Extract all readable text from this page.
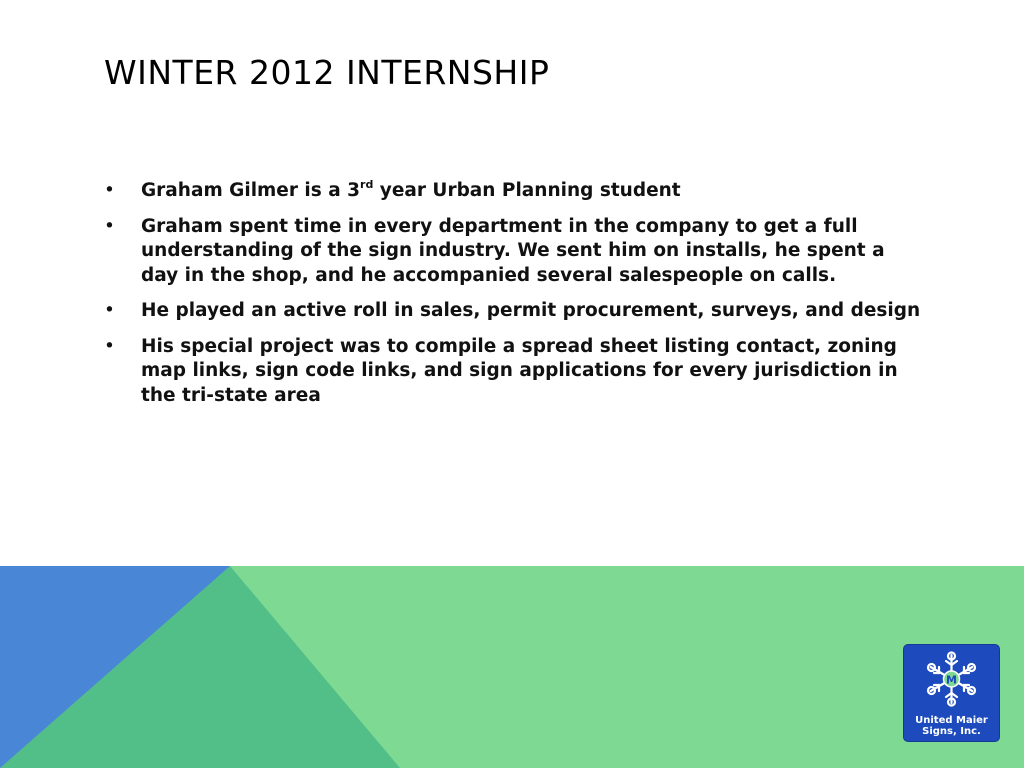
WINTER 2012 INTERNSHIP
• Graham Gilmer is a 3rd year Urban Planning student
• Graham spent time in every department in the company to get a full understanding of the sign industry. We sent him on installs, he spent a day in the shop, and he accompanied several salespeople on calls.
• He played an active roll in sales, permit procurement, surveys, and design
• His special project was to compile a spread sheet listing contact, zoning map links, sign code links, and sign applications for every jurisdiction in the tri-state area
M
United Maier
Signs, Inc.
